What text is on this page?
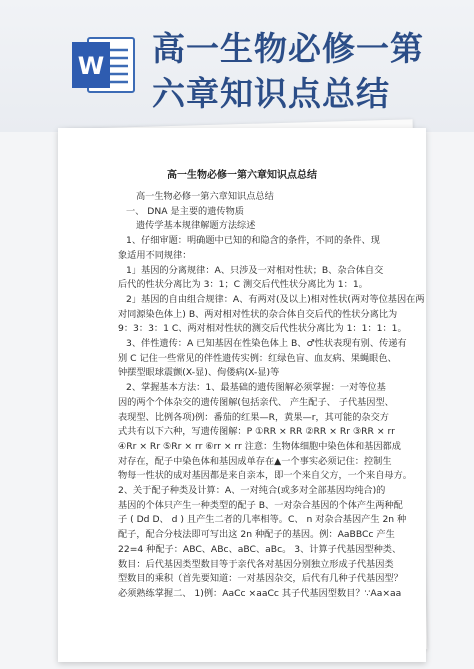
W 高一生物必修一第
六章知识点总结
高一生物必修一第六章知识点总结
高一生物必修一第六章知识点总结
一、 DNA 是主要的遗传物质
遗传学基本规律解题方法综述
1、仔细审题：明确题中已知的和隐含的条件，不同的条件、现
象适用不同规律：
1」基因的分离规律：A、只涉及一对相对性状；B、杂合体自交
后代的性状分离比为 3：1；C 测交后代性状分离比为 1：1。
2」基因的自由组合规律：A、有两对(及以上)相对性状(两对等位基因在两
对同源染色体上) B、两对相对性状的杂合体自交后代的性状分离比为
9：3：3：1 C、两对相对性状的测交后代性状分离比为 1：1：1：1。
3、伴性遗传：A 已知基因在性染色体上 B、♂性状表现有别、传递有
别 C 记住一些常见的伴性遗传实例：红绿色盲、血友病、果蝇眼色、
钟摆型眼球震颤(X-显)、佝偻病(X-显)等
2、掌握基本方法：1、最基础的遗传图解必须掌握：一对等位基
因的两个个体杂交的遗传图解(包括亲代、 产生配子、 子代基因型、
表现型、比例各项)例：番茄的红果—R，黄果—r，其可能的杂交方
式共有以下六种，写遗传图解：P ①RR × RR ②RR × Rr ③RR × rr
④Rr × Rr ⑤Rr × rr ⑥rr × rr 注意：生物体细胞中染色体和基因都成
对存在，配子中染色体和基因成单存在▲一个事实必须记住：控制生
物每一性状的成对基因都是来自亲本，即一个来自父方，一个来自母方。
2、关于配子种类及计算：A、一对纯合(或多对全部基因均纯合)的
基因的个体只产生一种类型的配子 B、一对杂合基因的个体产生两种配
子 ( Dd D、 d ) 且产生二者的几率相等。C、 n 对杂合基因产生 2n 种
配子，配合分枝法即可写出这 2n 种配子的基因。例：AaBBCc 产生
22=4 种配子：ABC、ABc、aBC、aBc。 3、计算子代基因型种类、
数目：后代基因类型数目等于亲代各对基因分别独立形成子代基因类
型数目的乘积（首先要知道：一对基因杂交，后代有几种子代基因型？
必须熟练掌握二、 1)例：AaCc ×aaCc 其子代基因型数目？∵Aa×aa
